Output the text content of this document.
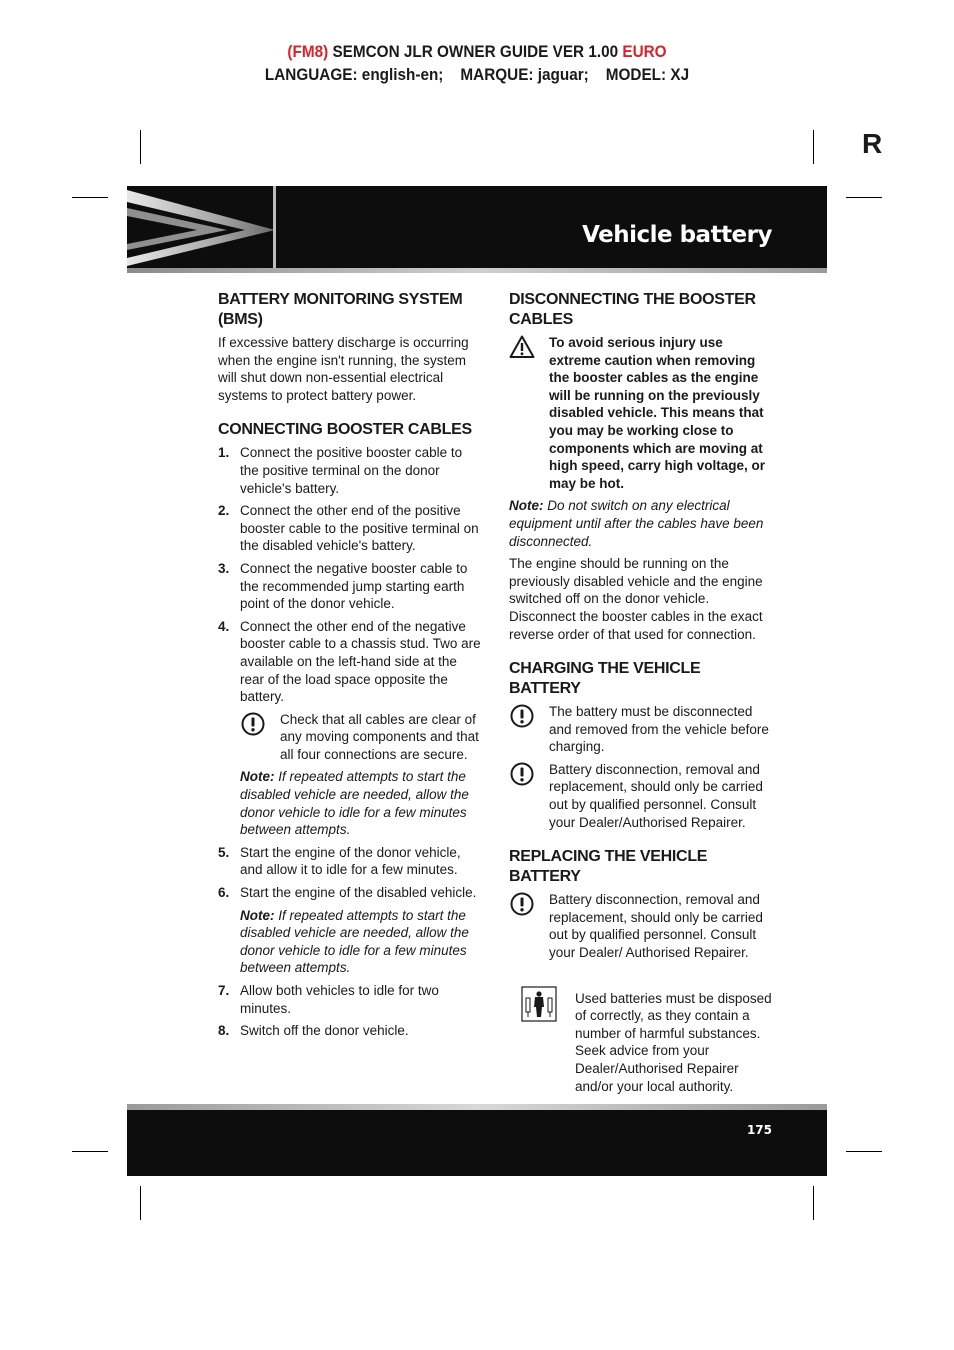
(FM8) SEMCON JLR OWNER GUIDE VER 1.00 EURO
LANGUAGE: english-en;    MARQUE: jaguar;    MODEL: XJ
R
Vehicle battery
BATTERY MONITORING SYSTEM (BMS)

If excessive battery discharge is occurring when the engine isn't running, the system will shut down non-essential electrical systems to protect battery power.

CONNECTING BOOSTER CABLES
1. Connect the positive booster cable to the positive terminal on the donor vehicle's battery.
2. Connect the other end of the positive booster cable to the positive terminal on the disabled vehicle's battery.
3. Connect the negative booster cable to the recommended jump starting earth point of the donor vehicle.
4. Connect the other end of the negative booster cable to a chassis stud. Two are available on the left-hand side at the rear of the load space opposite the battery.
Check that all cables are clear of any moving components and that all four connections are secure.

Note: If repeated attempts to start the disabled vehicle are needed, allow the donor vehicle to idle for a few minutes between attempts.

5. Start the engine of the donor vehicle, and allow it to idle for a few minutes.
6. Start the engine of the disabled vehicle.

Note: If repeated attempts to start the disabled vehicle are needed, allow the donor vehicle to idle for a few minutes between attempts.

7. Allow both vehicles to idle for two minutes.
8. Switch off the donor vehicle.
DISCONNECTING THE BOOSTER CABLES
To avoid serious injury use extreme caution when removing the booster cables as the engine will be running on the previously disabled vehicle. This means that you may be working close to components which are moving at high speed, carry high voltage, or may be hot.

Note: Do not switch on any electrical equipment until after the cables have been disconnected.

The engine should be running on the previously disabled vehicle and the engine switched off on the donor vehicle. Disconnect the booster cables in the exact reverse order of that used for connection.

CHARGING THE VEHICLE BATTERY
The battery must be disconnected and removed from the vehicle before charging.
Battery disconnection, removal and replacement, should only be carried out by qualified personnel. Consult your Dealer/Authorised Repairer.
REPLACING THE VEHICLE BATTERY
Battery disconnection, removal and replacement, should only be carried out by qualified personnel. Consult your Dealer/ Authorised Repairer.
Used batteries must be disposed of correctly, as they contain a number of harmful substances. Seek advice from your Dealer/Authorised Repairer and/or your local authority.
175
